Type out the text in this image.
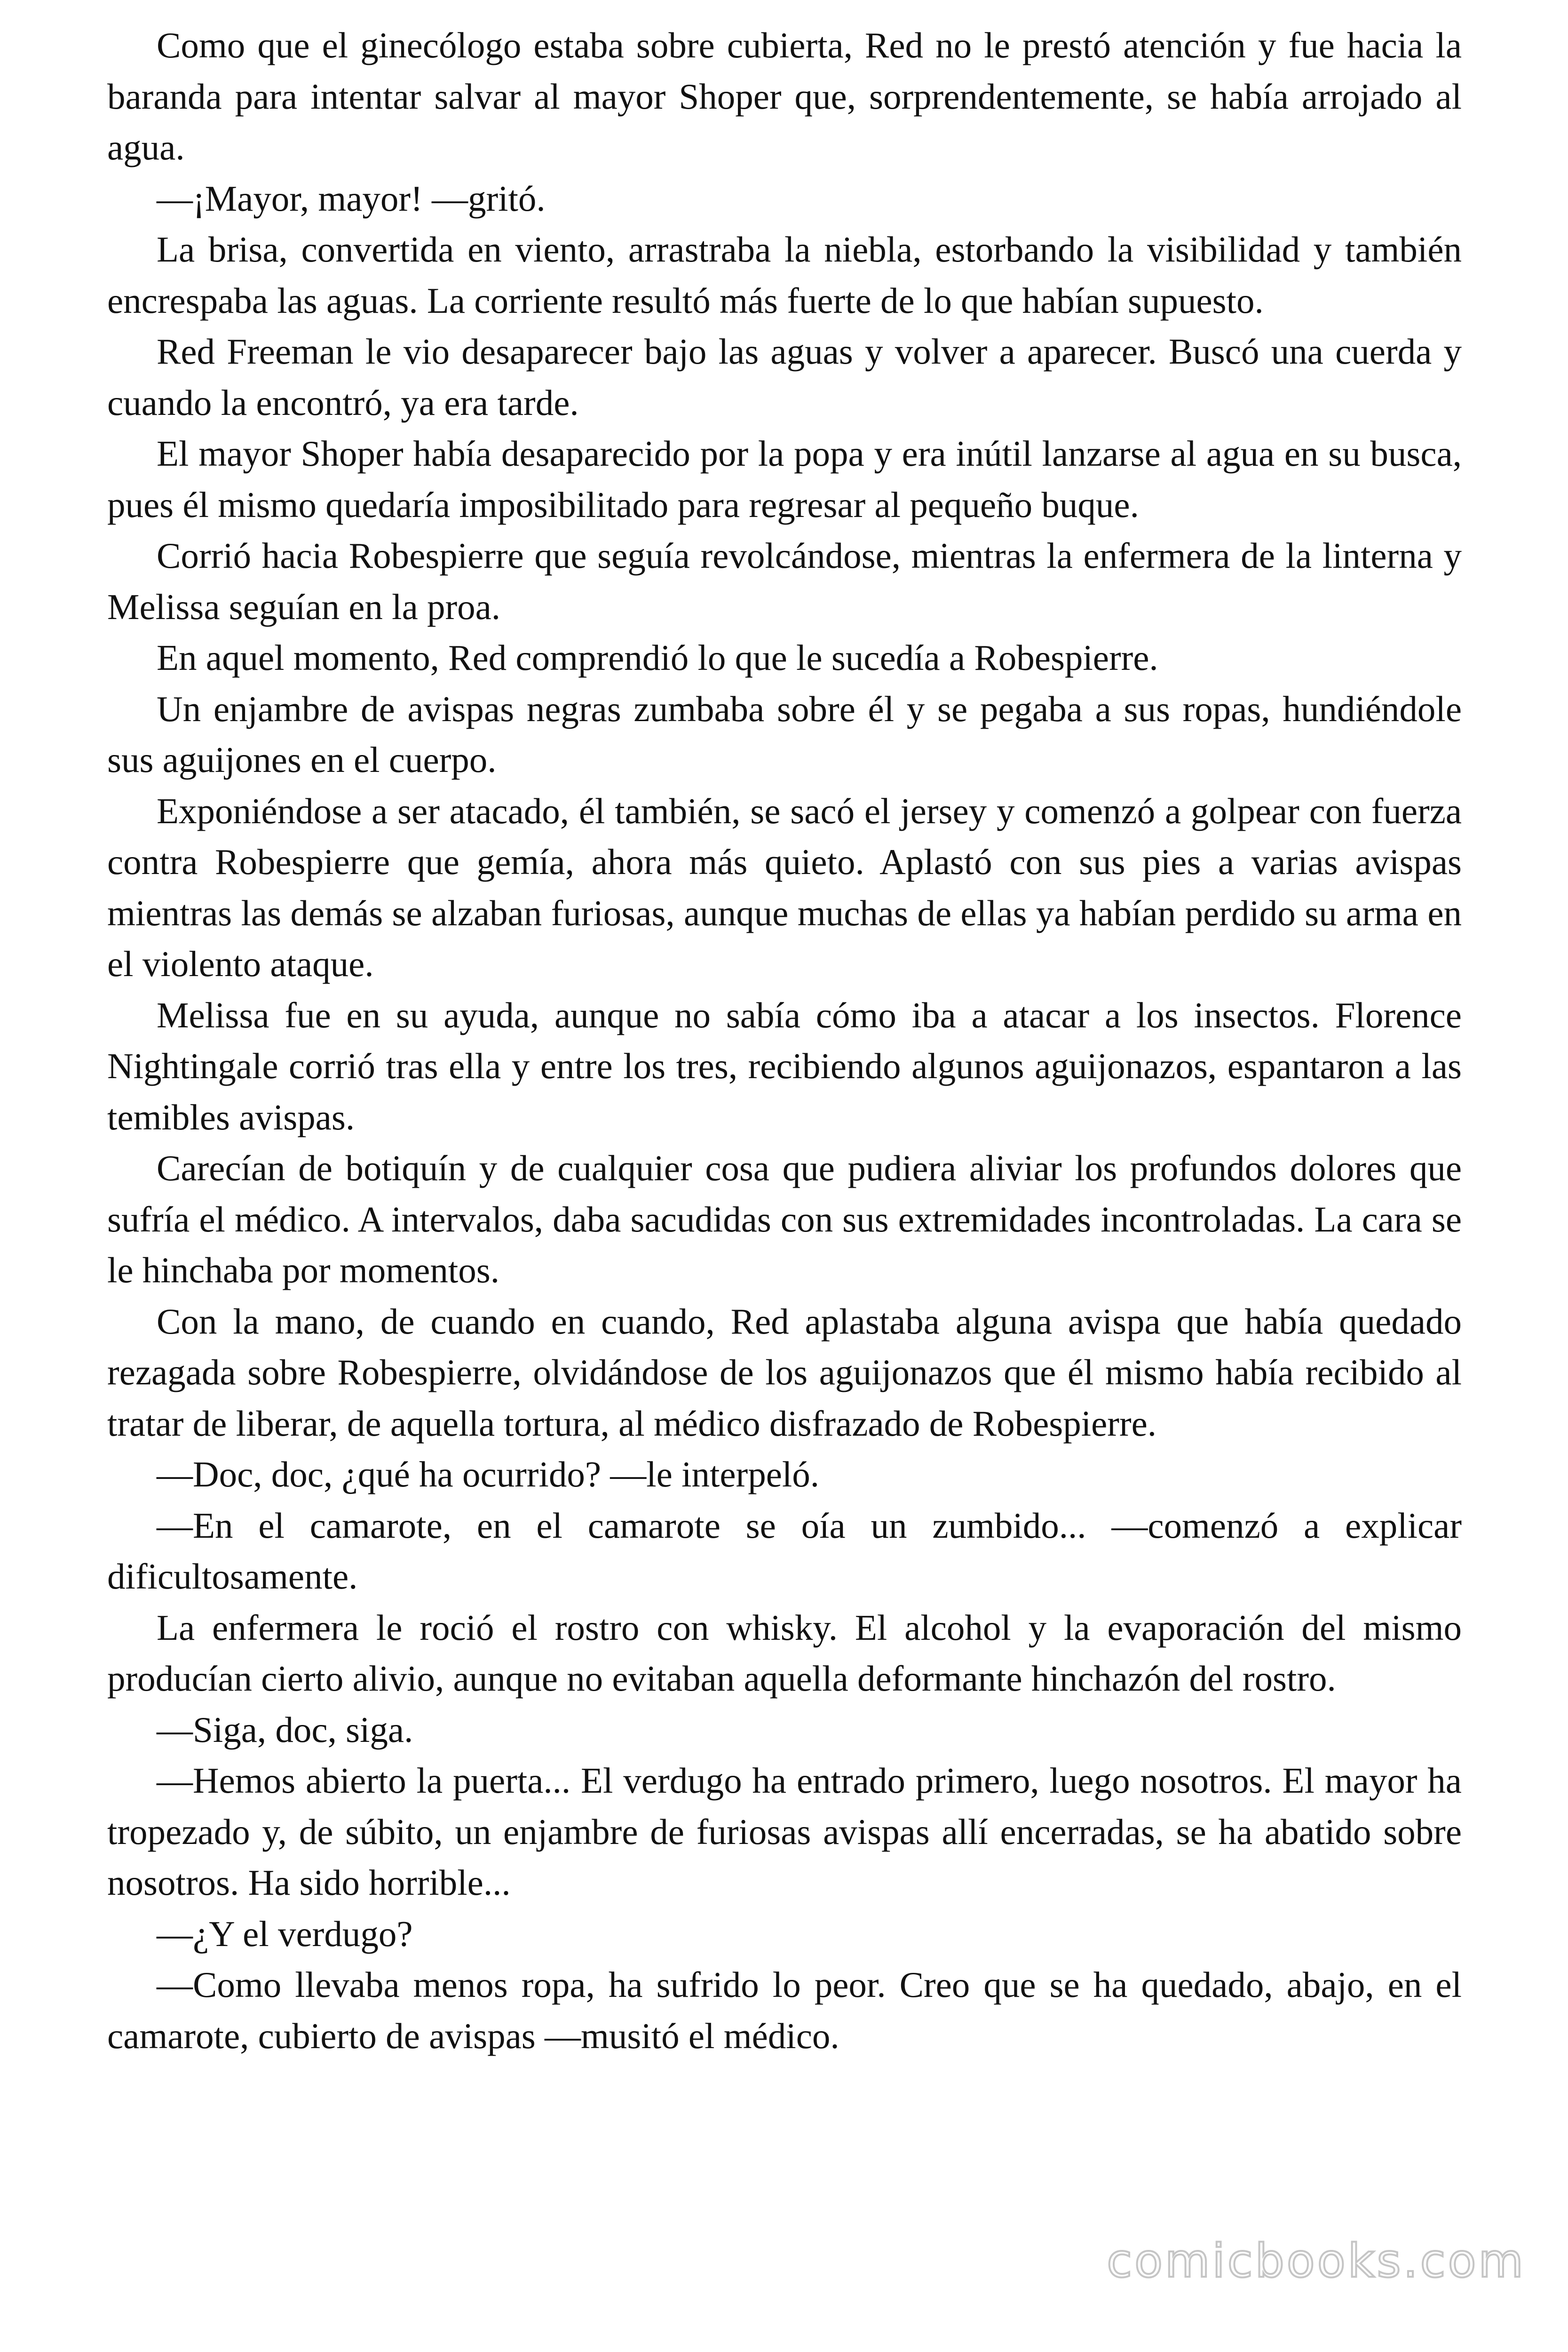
Como que el ginecólogo estaba sobre cubierta, Red no le prestó atención y fue hacia la baranda para intentar salvar al mayor Shoper que, sorprendentemente, se había arrojado al agua.

—¡Mayor, mayor! —gritó.

La brisa, convertida en viento, arrastraba la niebla, estorbando la visibilidad y también encrespaba las aguas. La corriente resultó más fuerte de lo que habían supuesto.

Red Freeman le vio desaparecer bajo las aguas y volver a aparecer. Buscó una cuerda y cuando la encontró, ya era tarde.

El mayor Shoper había desaparecido por la popa y era inútil lanzarse al agua en su busca, pues él mismo quedaría imposibilitado para regresar al pequeño buque.

Corrió hacia Robespierre que seguía revolcándose, mientras la enfermera de la linterna y Melissa seguían en la proa.

En aquel momento, Red comprendió lo que le sucedía a Robespierre.

Un enjambre de avispas negras zumbaba sobre él y se pegaba a sus ropas, hundiéndole sus aguijones en el cuerpo.

Exponiéndose a ser atacado, él también, se sacó el jersey y comenzó a golpear con fuerza contra Robespierre que gemía, ahora más quieto. Aplastó con sus pies a varias avispas mientras las demás se alzaban furiosas, aunque muchas de ellas ya habían perdido su arma en el violento ataque.

Melissa fue en su ayuda, aunque no sabía cómo iba a atacar a los insectos. Florence Nightingale corrió tras ella y entre los tres, recibiendo algunos aguijonazos, espantaron a las temibles avispas.

Carecían de botiquín y de cualquier cosa que pudiera aliviar los profundos dolores que sufría el médico. A intervalos, daba sacudidas con sus extremidades incontroladas. La cara se le hinchaba por momentos.

Con la mano, de cuando en cuando, Red aplastaba alguna avispa que había quedado rezagada sobre Robespierre, olvidándose de los aguijonazos que él mismo había recibido al tratar de liberar, de aquella tortura, al médico disfrazado de Robespierre.

—Doc, doc, ¿qué ha ocurrido? —le interpeló.

—En el camarote, en el camarote se oía un zumbido... —comenzó a explicar dificultosamente.

La enfermera le roció el rostro con whisky. El alcohol y la evaporación del mismo producían cierto alivio, aunque no evitaban aquella deformante hinchazón del rostro.

—Siga, doc, siga.

—Hemos abierto la puerta... El verdugo ha entrado primero, luego nosotros. El mayor ha tropezado y, de súbito, un enjambre de furiosas avispas allí encerradas, se ha abatido sobre nosotros. Ha sido horrible...

—¿Y el verdugo?

—Como llevaba menos ropa, ha sufrido lo peor. Creo que se ha quedado, abajo, en el camarote, cubierto de avispas —musitó el médico.

comicbooks.com
